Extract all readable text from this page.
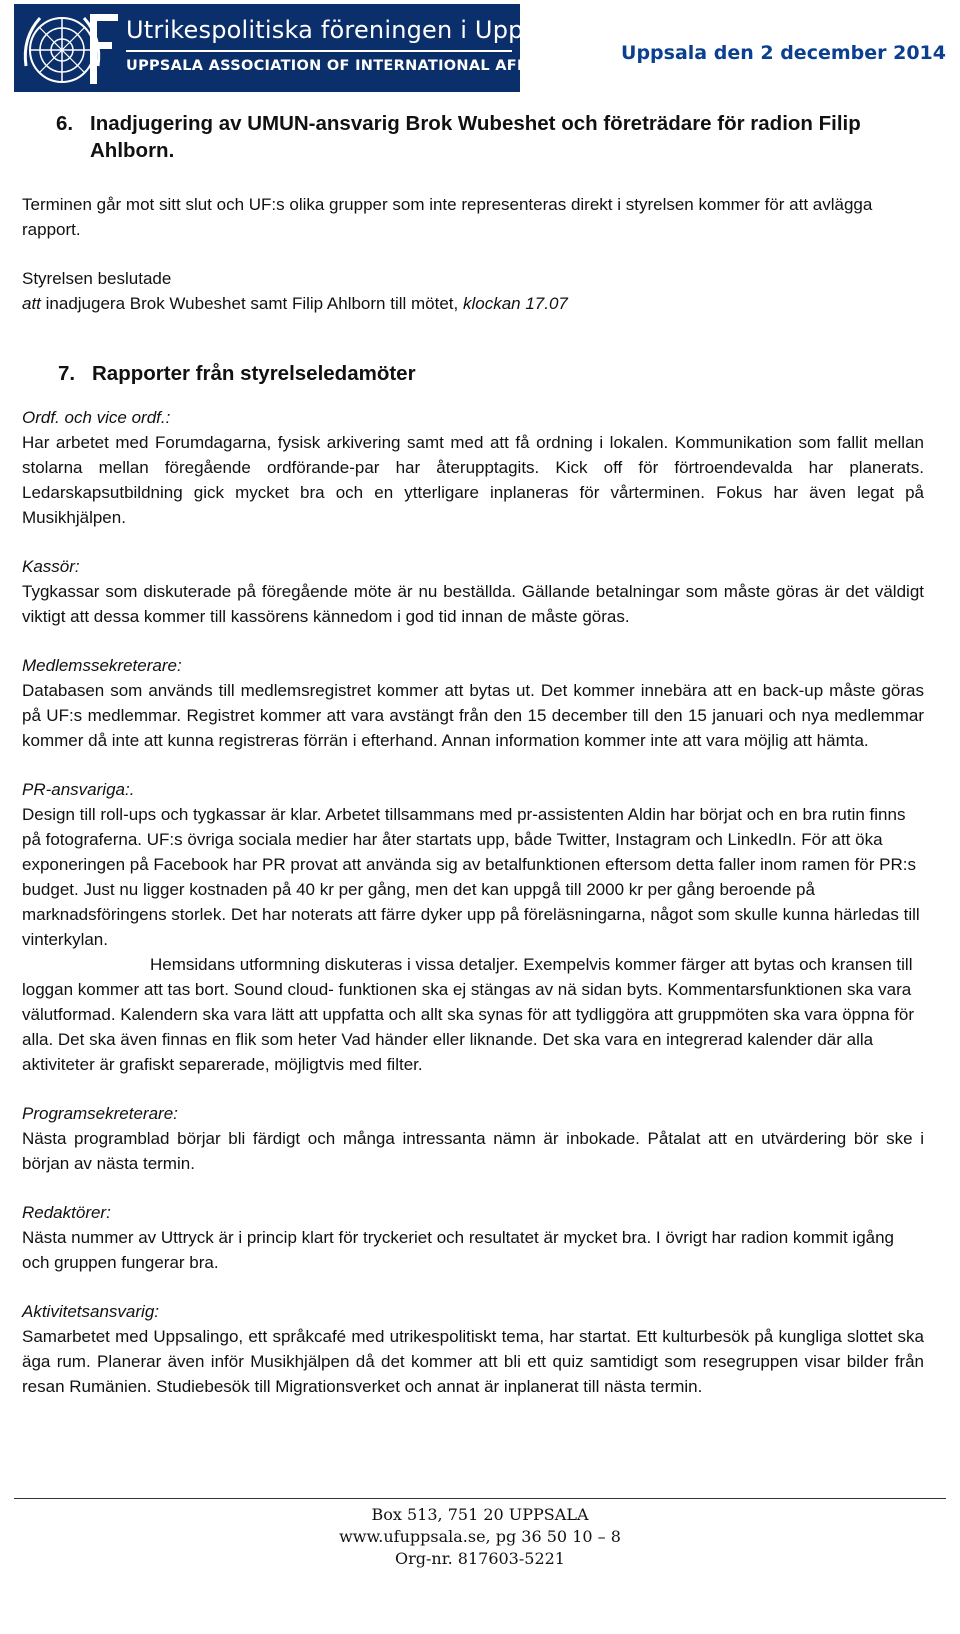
Utrikespolitiska föreningen i Uppsala
UPPSALA ASSOCIATION OF INTERNATIONAL AFFAIRS
Uppsala den 2 december 2014
6. Inadjugering av UMUN-ansvarig Brok Wubeshet och företrädare för radion Filip Ahlborn.

Terminen går mot sitt slut och UF:s olika grupper som inte representeras direkt i styrelsen kommer för att avlägga rapport.

Styrelsen beslutade

att inadjugera Brok Wubeshet samt Filip Ahlborn till mötet, klockan 17.07

7. Rapporter från styrelseledamöter

Ordf. och vice ordf.:

Har arbetet med Forumdagarna, fysisk arkivering samt med att få ordning i lokalen. Kommunikation som fallit mellan stolarna mellan föregående ordförande-par har återupptagits. Kick off för förtroendevalda har planerats. Ledarskapsutbildning gick mycket bra och en ytterligare inplaneras för vårterminen. Fokus har även legat på Musikhjälpen.

Kassör:

Tygkassar som diskuterade på föregående möte är nu beställda. Gällande betalningar som måste göras är det väldigt viktigt att dessa kommer till kassörens kännedom i god tid innan de måste göras.

Medlemssekreterare:

Databasen som används till medlemsregistret kommer att bytas ut. Det kommer innebära att en back-up måste göras på UF:s medlemmar. Registret kommer att vara avstängt från den 15 december till den 15 januari och nya medlemmar kommer då inte att kunna registreras förrän i efterhand. Annan information kommer inte att vara möjlig att hämta.

PR-ansvariga:.

Design till roll-ups och tygkassar är klar. Arbetet tillsammans med pr-assistenten Aldin har börjat och en bra rutin finns på fotograferna. UF:s övriga sociala medier har åter startats upp, både Twitter, Instagram och LinkedIn. För att öka exponeringen på Facebook har PR provat att använda sig av betalfunktionen eftersom detta faller inom ramen för PR:s budget. Just nu ligger kostnaden på 40 kr per gång, men det kan uppgå till 2000 kr per gång beroende på marknadsföringens storlek. Det har noterats att färre dyker upp på föreläsningarna, något som skulle kunna härledas till vinterkylan.

Hemsidans utformning diskuteras i vissa detaljer. Exempelvis kommer färger att bytas och kransen till loggan kommer att tas bort. Sound cloud- funktionen ska ej stängas av nä sidan byts. Kommentarsfunktionen ska vara välutformad. Kalendern ska vara lätt att uppfatta och allt ska synas för att tydliggöra att gruppmöten ska vara öppna för alla. Det ska även finnas en flik som heter Vad händer eller liknande. Det ska vara en integrerad kalender där alla aktiviteter är grafiskt separerade, möjligtvis med filter.

Programsekreterare:

Nästa programblad börjar bli färdigt och många intressanta nämn är inbokade. Påtalat att en utvärdering bör ske i början av nästa termin.

Redaktörer:

Nästa nummer av Uttryck är i princip klart för tryckeriet och resultatet är mycket bra. I övrigt har radion kommit igång och gruppen fungerar bra.

Aktivitetsansvarig:

Samarbetet med Uppsalingo, ett språkcafé med utrikespolitiskt tema, har startat. Ett kulturbesök på kungliga slottet ska äga rum. Planerar även inför Musikhjälpen då det kommer att bli ett quiz samtidigt som resegruppen visar bilder från resan Rumänien. Studiebesök till Migrationsverket och annat är inplanerat till nästa termin.

Box 513, 751 20 UPPSALA
www.ufuppsala.se, pg 36 50 10 – 8
Org-nr. 817603-5221
